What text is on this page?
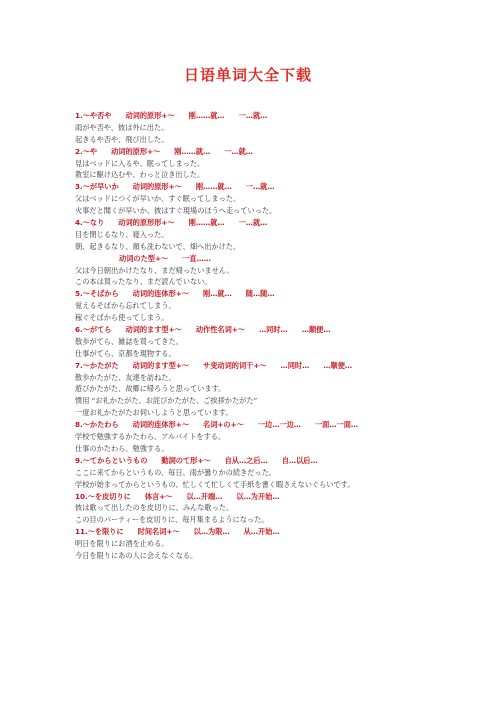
日语单词大全下载
1.～や否や 动词的原形+～ 刚……就… 一…就…
雨がや否や、彼は外に出た。
起きるや否や、飛び出した。
2.～や 动词的原形+～ 刚……就… 一…就…
見はベッドに入るや、眠ってしまった。
教室に駆け込むや、わっと泣き出した。
3.～が早いか 动词的原形+～ 刚……就… 一…就…
父はベッドにつくが早いか、すぐ眠ってしまった。
火事だと聞くが早いか、彼はすぐ現場のほうへ走っていった。
4.～なり 动词的原形形+～ 刚……就… 一…就…
目を閉じるなり、寝入った。
朝、起きるなり、顔も洗わないで、畑へ出かけた。
动词のた型+～ 一直……
父は今日朝出かけたなり、まだ帰ったいません。
この本は買ったなり、まだ読んでいない。
5.～そばから 动词的连体形+～ 刚…就… 随…随…
覚えるそばから忘れてしまう。
稼ぐそばから使ってしまう。
6.～がてら 动词的ます型+～ 动作性名词+～ …同时… …顺便…
散歩がてら、雑誌を買ってきた。
仕事がてら、京都を現物する。
7.～かたがた 动词的ます型+～ サ变动词的词干+～ …同时… …顺便…
散歩かたがた、友達を訪ねた。
遊びかたがた、故郷に帰ろうと思っています。
惯用 “お礼かたがた、お詫びかたがた、ご挨拶かたがた”
一度お礼かたがたお伺いしようと思っています。
8.～かたわら 动词的连体形+～ 名词+の+～ 一边…一边… 一面…一面…
学校で勉強するかたわら、アルバイトをする。
仕事のかたわら、勉強する。
9.～てからというもの 動詞のて形+～ 自从…之后… 自…以后…
ここに来てからというもの、毎日、雨が曇りかの続きだった。
学校が始まってからというもの、忙しくて忙しくて手紙を書く暇さえないぐらいです。
10.～を皮切りに 体言+～ 以…开端… 以…为开始…
彼は歌って出したのを皮切りに、みんな歌った。
この目のパーティーを皮切りに、毎月集まるようになった。
11.～を限りに 时间名词+～ 以…为限… 从…开始…
明日を限りにお酒を止める。
今日を限りにあの人に会えなくなる。
